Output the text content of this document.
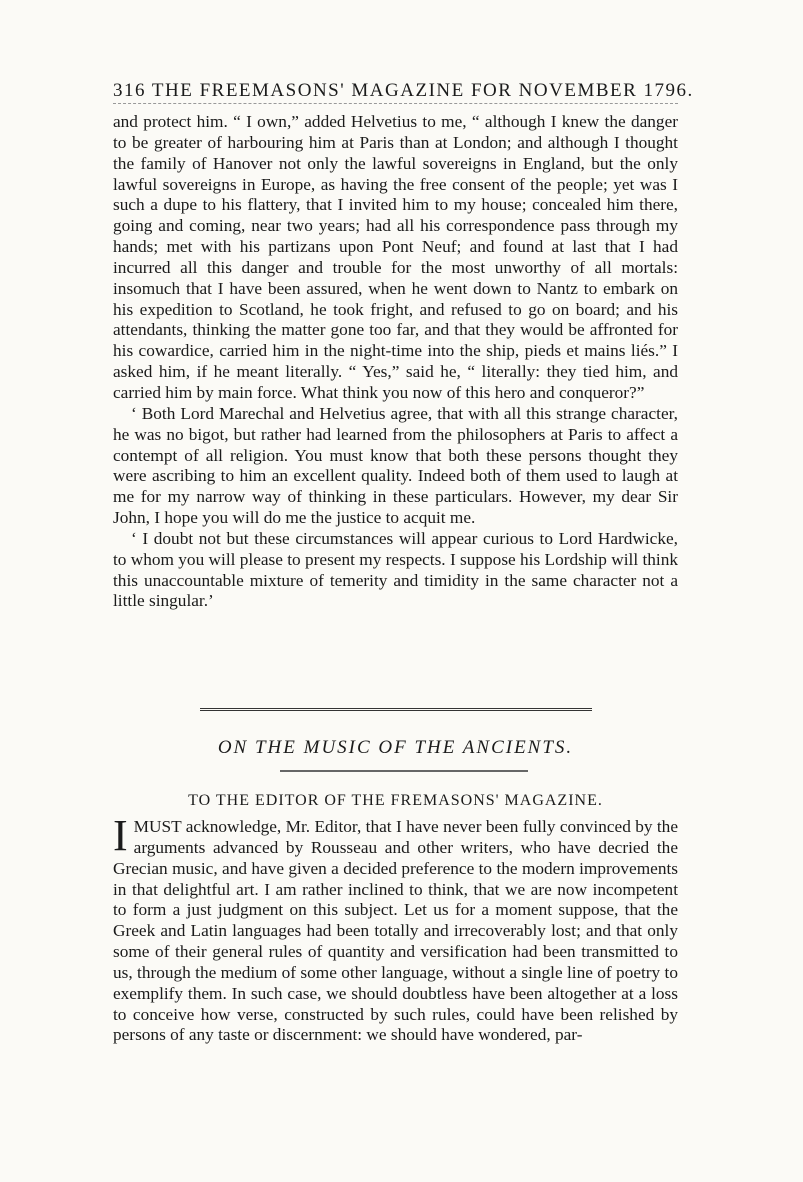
316 THE FREEMASONS' MAGAZINE FOR NOVEMBER 1796.

and protect him. “ I own,” added Helvetius to me, “ although I knew the danger to be greater of harbouring him at Paris than at London; and although I thought the family of Hanover not only the lawful sovereigns in England, but the only lawful sovereigns in Europe, as having the free consent of the people; yet was I such a dupe to his flattery, that I invited him to my house; concealed him there, going and coming, near two years; had all his correspondence pass through my hands; met with his partizans upon Pont Neuf; and found at last that I had incurred all this danger and trouble for the most unworthy of all mortals: insomuch that I have been assured, when he went down to Nantz to embark on his expedition to Scotland, he took fright, and refused to go on board; and his attendants, thinking the matter gone too far, and that they would be affronted for his cowardice, carried him in the night-time into the ship, pieds et mains liés.” I asked him, if he meant literally. “ Yes,” said he, “ literally: they tied him, and carried him by main force. What think you now of this hero and conqueror?”

‘ Both Lord Marechal and Helvetius agree, that with all this strange character, he was no bigot, but rather had learned from the philosophers at Paris to affect a contempt of all religion. You must know that both these persons thought they were ascribing to him an excellent quality. Indeed both of them used to laugh at me for my narrow way of thinking in these particulars. However, my dear Sir John, I hope you will do me the justice to acquit me.

‘ I doubt not but these circumstances will appear curious to Lord Hardwicke, to whom you will please to present my respects. I suppose his Lordship will think this unaccountable mixture of temerity and timidity in the same character not a little singular.’

ON THE MUSIC OF THE ANCIENTS.
TO THE EDITOR OF THE FREMASONS' MAGAZINE.

IMUST acknowledge, Mr. Editor, that I have never been fully convinced by the arguments advanced by Rousseau and other writers, who have decried the Grecian music, and have given a decided preference to the modern improvements in that delightful art. I am rather inclined to think, that we are now incompetent to form a just judgment on this subject. Let us for a moment suppose, that the Greek and Latin languages had been totally and irrecoverably lost; and that only some of their general rules of quantity and versification had been transmitted to us, through the medium of some other language, without a single line of poetry to exemplify them. In such case, we should doubtless have been altogether at a loss to conceive how verse, constructed by such rules, could have been relished by persons of any taste or discernment: we should have wondered, par-
